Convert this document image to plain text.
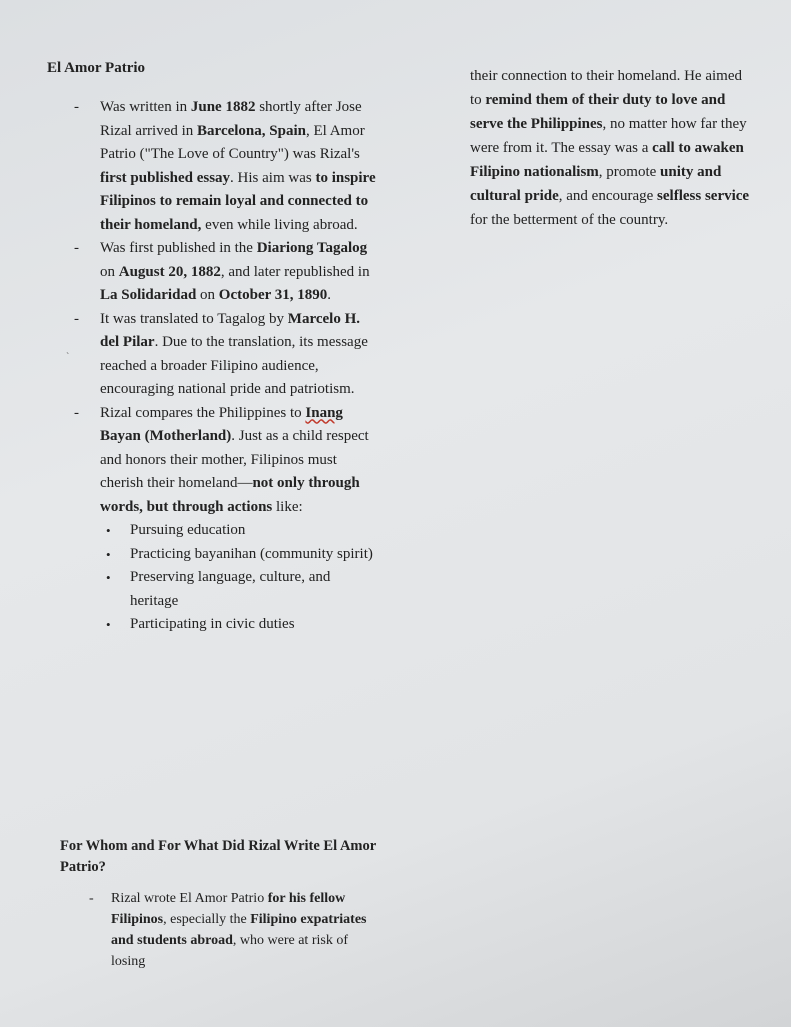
El Amor Patrio
- Was written in June 1882 shortly after Jose Rizal arrived in Barcelona, Spain, El Amor Patrio ("The Love of Country") was Rizal's first published essay. His aim was to inspire Filipinos to remain loyal and connected to their homeland, even while living abroad.
- Was first published in the Diariong Tagalog on August 20, 1882, and later republished in La Solidaridad on October 31, 1890.
- It was translated to Tagalog by Marcelo H. del Pilar. Due to the translation, its message reached a broader Filipino audience, encouraging national pride and patriotism.
- Rizal compares the Philippines to Inang Bayan (Motherland). Just as a child respect and honors their mother, Filipinos must cherish their homeland—not only through words, but through actions like:
• Pursuing education
• Practicing bayanihan (community spirit)
• Preserving language, culture, and heritage
• Participating in civic duties
their connection to their homeland. He aimed to remind them of their duty to love and serve the Philippines, no matter how far they were from it. The essay was a call to awaken Filipino nationalism, promote unity and cultural pride, and encourage selfless service for the betterment of the country.
For Whom and For What Did Rizal Write El Amor Patrio?
- Rizal wrote El Amor Patrio for his fellow Filipinos, especially the Filipino expatriates and students abroad, who were at risk of losing
`
